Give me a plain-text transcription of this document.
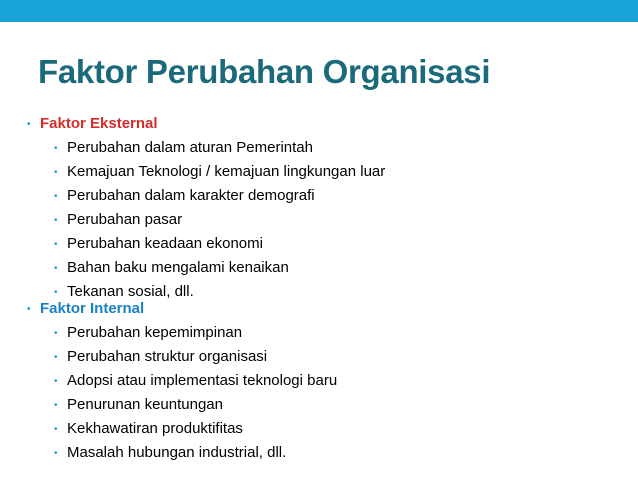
Faktor Perubahan Organisasi
• Faktor Eksternal
• Perubahan dalam aturan Pemerintah
• Kemajuan Teknologi / kemajuan lingkungan luar
• Perubahan dalam karakter demografi
• Perubahan pasar
• Perubahan keadaan ekonomi
• Bahan baku mengalami kenaikan
• Tekanan sosial, dll.
• Faktor Internal
• Perubahan kepemimpinan
• Perubahan struktur organisasi
• Adopsi atau implementasi teknologi baru
• Penurunan keuntungan
• Kekhawatiran produktifitas
• Masalah hubungan industrial, dll.
